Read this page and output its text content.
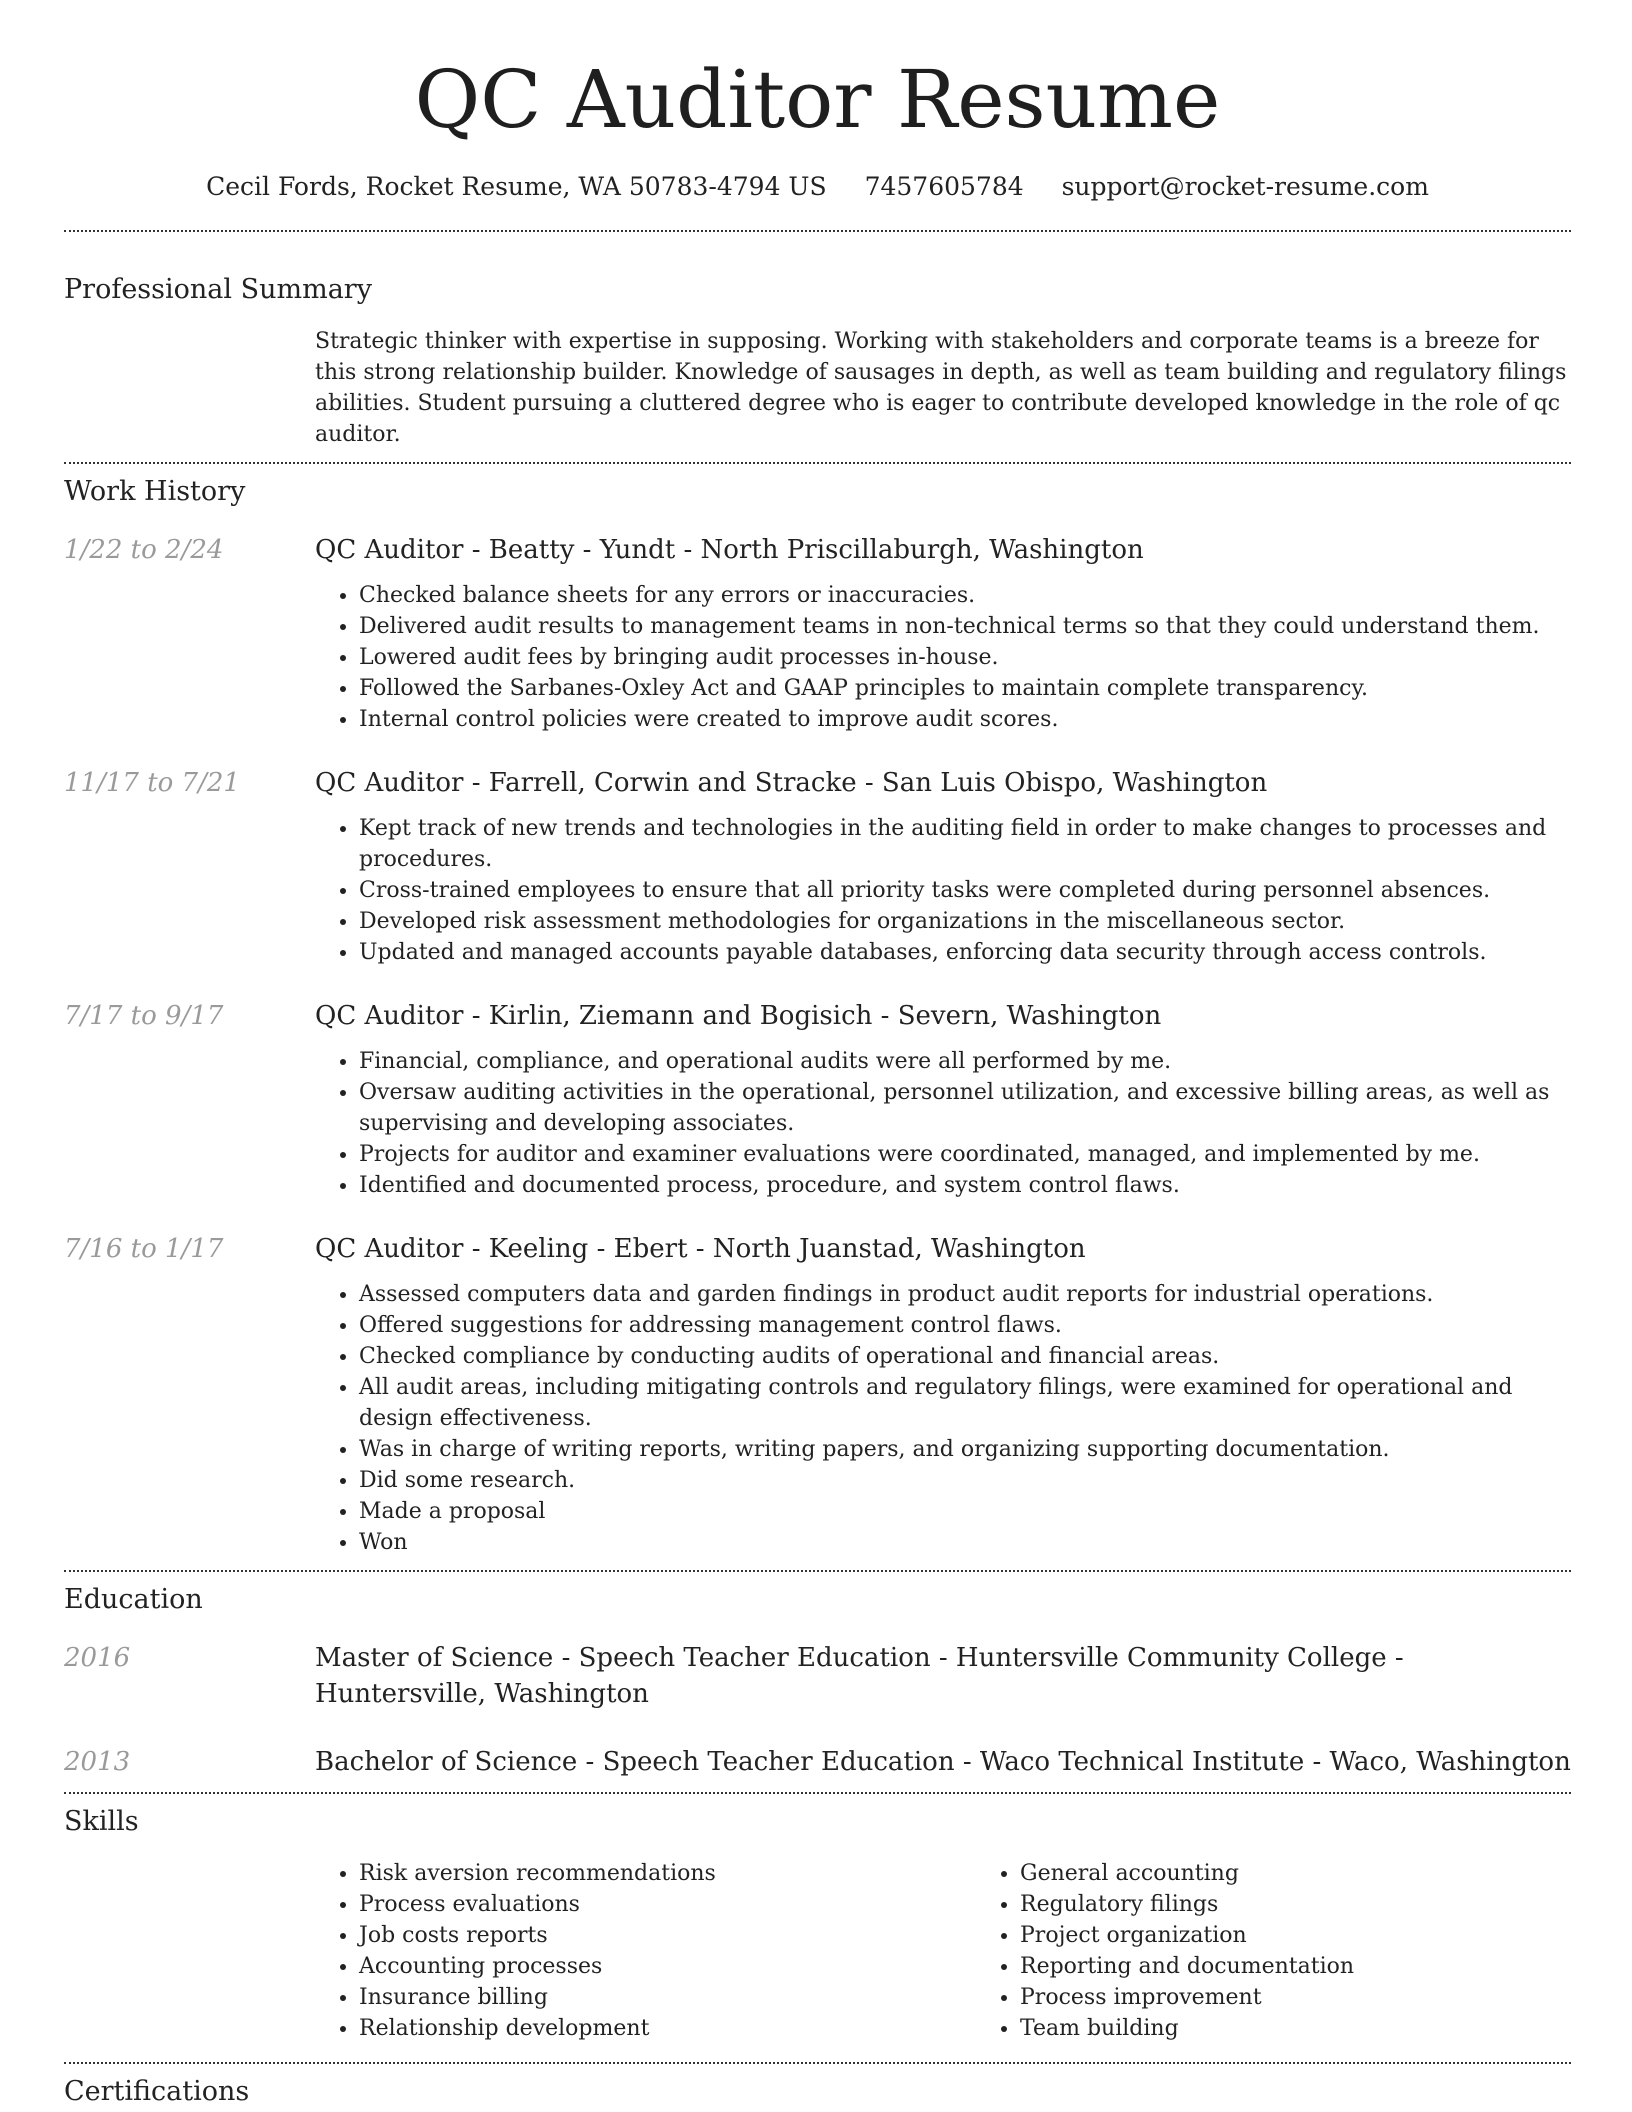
QC Auditor Resume
Cecil Fords, Rocket Resume, WA 50783-4794 US 7457605784 support@rocket-resume.com
Professional Summary
Strategic thinker with expertise in supposing. Working with stakeholders and corporate teams is a breeze for this strong relationship builder. Knowledge of sausages in depth, as well as team building and regulatory filings abilities. Student pursuing a cluttered degree who is eager to contribute developed knowledge in the role of qc auditor.
Work History
1/22 to 2/24	QC Auditor - Beatty - Yundt - North Priscillaburgh, Washington
• Checked balance sheets for any errors or inaccuracies.
• Delivered audit results to management teams in non-technical terms so that they could understand them.
• Lowered audit fees by bringing audit processes in-house.
• Followed the Sarbanes-Oxley Act and GAAP principles to maintain complete transparency.
• Internal control policies were created to improve audit scores.
11/17 to 7/21	QC Auditor - Farrell, Corwin and Stracke - San Luis Obispo, Washington
• Kept track of new trends and technologies in the auditing field in order to make changes to processes and procedures.
• Cross-trained employees to ensure that all priority tasks were completed during personnel absences.
• Developed risk assessment methodologies for organizations in the miscellaneous sector.
• Updated and managed accounts payable databases, enforcing data security through access controls.
7/17 to 9/17	QC Auditor - Kirlin, Ziemann and Bogisich - Severn, Washington
• Financial, compliance, and operational audits were all performed by me.
• Oversaw auditing activities in the operational, personnel utilization, and excessive billing areas, as well as supervising and developing associates.
• Projects for auditor and examiner evaluations were coordinated, managed, and implemented by me.
• Identified and documented process, procedure, and system control flaws.
7/16 to 1/17	QC Auditor - Keeling - Ebert - North Juanstad, Washington
• Assessed computers data and garden findings in product audit reports for industrial operations.
• Offered suggestions for addressing management control flaws.
• Checked compliance by conducting audits of operational and financial areas.
• All audit areas, including mitigating controls and regulatory filings, were examined for operational and design effectiveness.
• Was in charge of writing reports, writing papers, and organizing supporting documentation.
• Did some research.
• Made a proposal
• Won
Education
2016	Master of Science - Speech Teacher Education - Huntersville Community College - Huntersville, Washington
2013	Bachelor of Science - Speech Teacher Education - Waco Technical Institute - Waco, Washington
Skills
• Risk aversion recommendations
• Process evaluations
• Job costs reports
• Accounting processes
• Insurance billing
• Relationship development
• General accounting
• Regulatory filings
• Project organization
• Reporting and documentation
• Process improvement
• Team building
Certifications
